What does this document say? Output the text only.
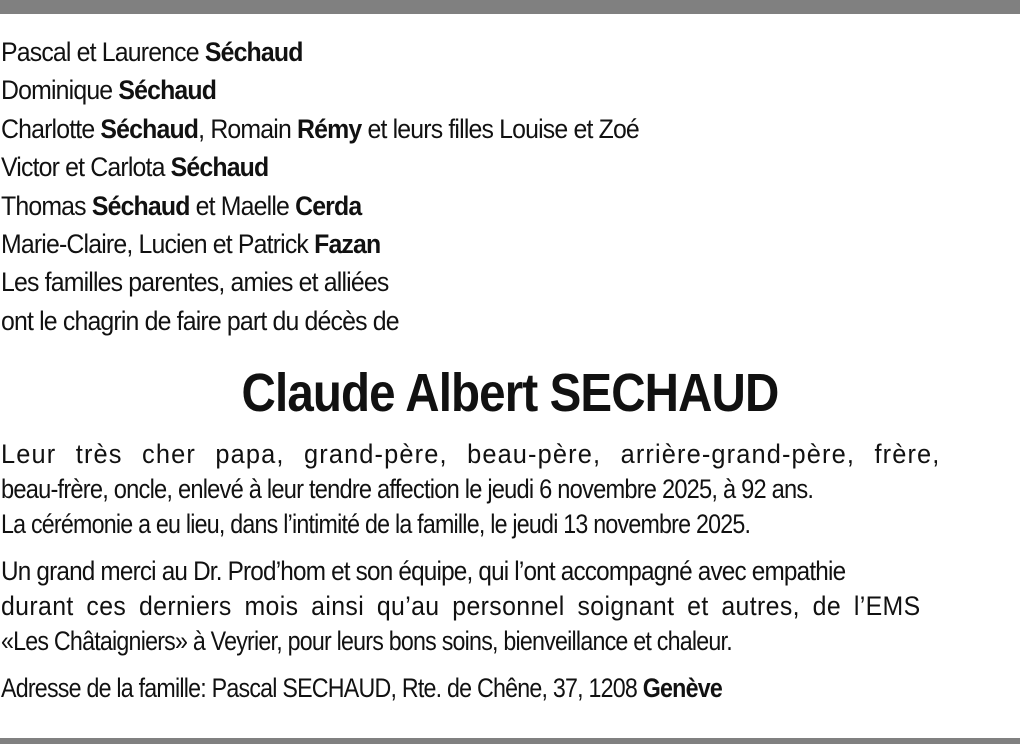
Pascal et Laurence Séchaud
Dominique Séchaud
Charlotte Séchaud, Romain Rémy et leurs filles Louise et Zoé
Victor et Carlota Séchaud
Thomas Séchaud et Maelle Cerda
Marie-Claire, Lucien et Patrick Fazan
Les familles parentes, amies et alliées
ont le chagrin de faire part du décès de
Claude Albert SECHAUD
Leur très cher papa, grand-père, beau-père, arrière-grand-père, frère,
beau-frère, oncle, enlevé à leur tendre affection le jeudi 6 novembre 2025, à 92 ans.
La cérémonie a eu lieu, dans l’intimité de la famille, le jeudi 13 novembre 2025.
Un grand merci au Dr. Prod’hom et son équipe, qui l’ont accompagné avec empathie
durant ces derniers mois ainsi qu’au personnel soignant et autres, de l’EMS
«Les Châtaigniers» à Veyrier, pour leurs bons soins, bienveillance et chaleur.
Adresse de la famille: Pascal SECHAUD, Rte. de Chêne, 37, 1208 Genève
